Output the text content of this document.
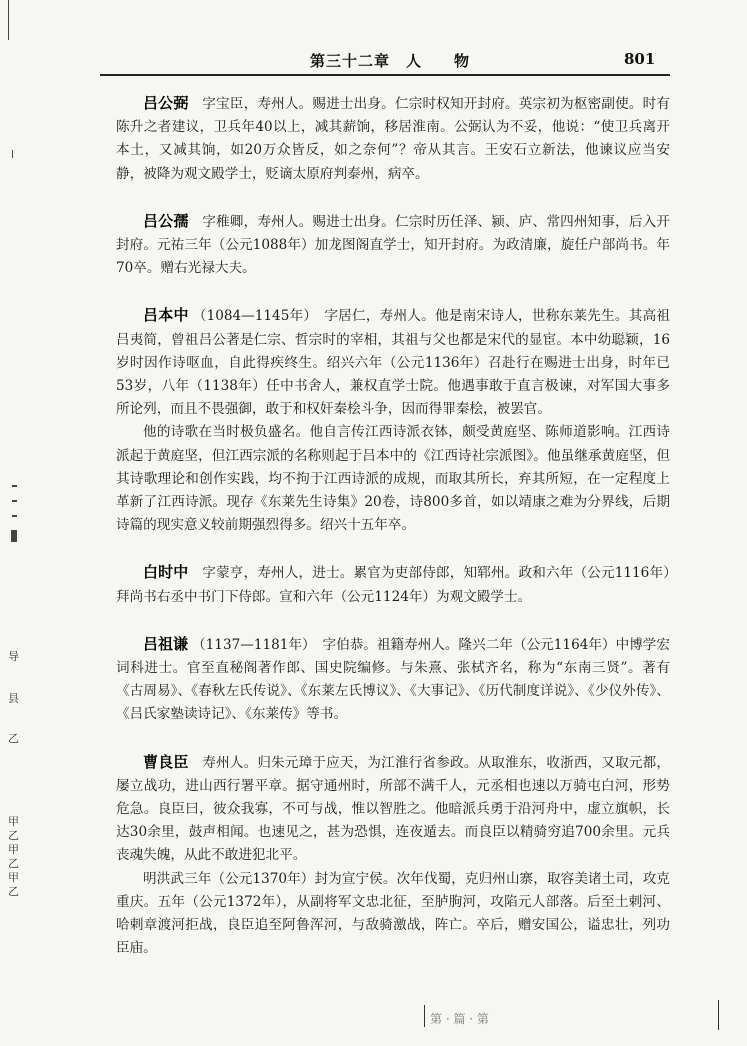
第三十二章　人　　物	801
导
县
乙
甲乙甲乙甲乙

吕公弼　 字宝臣，寿州人。赐进士出身。仁宗时权知开封府。英宗初为枢密副使。时有陈升之者建议，卫兵年40以上，减其薪饷，移居淮南。公弼认为不妥，他说：“使卫兵离开本土，又减其饷，如20万众皆反，如之奈何”？帝从其言。王安石立新法，他谏议应当安静，被降为观文殿学士，贬谪太原府判泰州，病卒。

吕公孺　 字稚卿，寿州人。赐进士出身。仁宗时历任泽、颍、庐、常四州知事，后入开封府。元祐三年（公元1088年）加龙图阁直学士，知开封府。为政清廉，旋任户部尚书。年70卒。赠右光禄大夫。

吕本中 （1084—1145年）　 字居仁，寿州人。他是南宋诗人，世称东莱先生。其高祖吕夷简，曾祖吕公著是仁宗、哲宗时的宰相，其祖与父也都是宋代的显宦。本中幼聪颖，16岁时因作诗呕血，自此得疾终生。绍兴六年（公元1136年）召赴行在赐进士出身，时年已53岁，八年（1138年）任中书舍人，兼权直学士院。他遇事敢于直言极谏，对军国大事多所论列，而且不畏强御，敢于和权奸秦桧斗争，因而得罪秦桧，被罢官。

他的诗歌在当时极负盛名。他自言传江西诗派衣钵，颇受黄庭坚、陈师道影响。江西诗派起于黄庭坚，但江西宗派的名称则起于吕本中的《江西诗社宗派图》。他虽继承黄庭坚，但其诗歌理论和创作实践，均不拘于江西诗派的成规，而取其所长，弃其所短，在一定程度上革新了江西诗派。现存《东莱先生诗集》20卷，诗800多首，如以靖康之难为分界线，后期诗篇的现实意义较前期强烈得多。绍兴十五年卒。

白时中　 字蒙亨，寿州人，进士。累官为吏部侍郎，知郓州。政和六年（公元1116年）拜尚书右丞中书门下侍郎。宣和六年（公元1124年）为观文殿学士。

吕祖谦 （1137—1181年）　 字伯恭。祖籍寿州人。隆兴二年（公元1164年）中博学宏词科进士。官至直秘阁著作郎、国史院编修。与朱熹、张栻齐名，称为“东南三贤”。著有《古周易》、《春秋左氏传说》、《东莱左氏博议》、《大事记》、《历代制度详说》、《少仪外传》、《吕氏家塾读诗记》、《东莱传》等书。

曹良臣　 寿州人。归朱元璋于应天，为江淮行省参政。从取淮东，收浙西，又取元都，屡立战功，进山西行署平章。据守通州时，所部不满千人，元丞相也速以万骑屯白河，形势危急。良臣曰，彼众我寡，不可与战，惟以智胜之。他暗派兵勇于沿河舟中，虚立旗帜，长达30余里，鼓声相闻。也速见之，甚为恐惧，连夜遁去。而良臣以精骑穷追700余里。元兵丧魂失魄，从此不敢进犯北平。

明洪武三年（公元1370年）封为宣宁侯。次年伐蜀，克归州山寨，取容美诸土司，攻克重庆。五年（公元1372年），从副将军文忠北征，至胪朐河，攻陷元人部落。后至土剌河、哈剌章渡河拒战，良臣追至阿鲁浑河，与敌骑激战，阵亡。卒后，赠安国公，谥忠壮，列功臣庙。

第 · 篇 · 第
